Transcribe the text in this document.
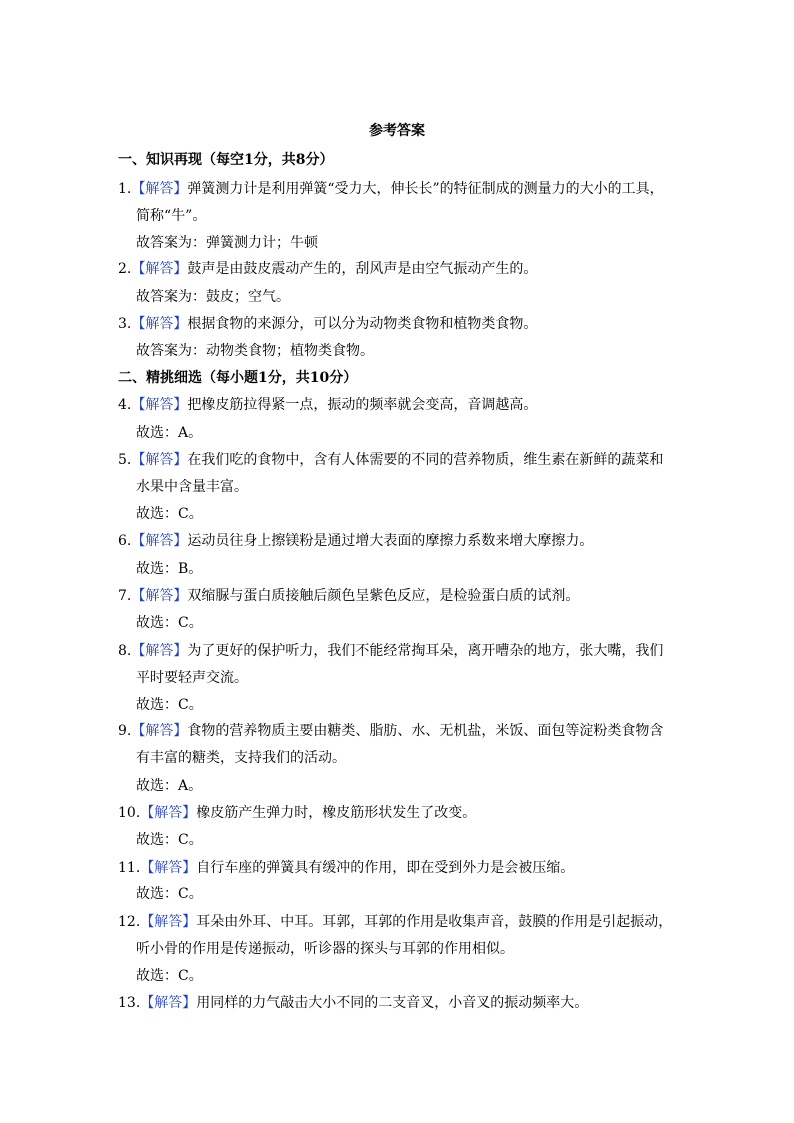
参考答案
一、知识再现（每空1分，共8分）
1.【解答】弹簧测力计是利用弹簧“受力大，伸长长”的特征制成的测量力的大小的工具，
简称“牛”。
故答案为：弹簧测力计；牛顿
2.【解答】鼓声是由鼓皮震动产生的，刮风声是由空气振动产生的。
故答案为：鼓皮；空气。
3.【解答】根据食物的来源分，可以分为动物类食物和植物类食物。
故答案为：动物类食物；植物类食物。
二、精挑细选（每小题1分，共10分）
4.【解答】把橡皮筋拉得紧一点，振动的频率就会变高，音调越高。
故选：A。
5.【解答】在我们吃的食物中，含有人体需要的不同的营养物质，维生素在新鲜的蔬菜和
水果中含量丰富。
故选：C。
6.【解答】运动员往身上擦镁粉是通过增大表面的摩擦力系数来增大摩擦力。
故选：B。
7.【解答】双缩脲与蛋白质接触后颜色呈紫色反应，是检验蛋白质的试剂。
故选：C。
8.【解答】为了更好的保护听力，我们不能经常掏耳朵，离开嘈杂的地方，张大嘴，我们
平时要轻声交流。
故选：C。
9.【解答】食物的营养物质主要由糖类、脂肪、水、无机盐，米饭、面包等淀粉类食物含
有丰富的糖类，支持我们的活动。
故选：A。
10.【解答】橡皮筋产生弹力时，橡皮筋形状发生了改变。
故选：C。
11.【解答】自行车座的弹簧具有缓冲的作用，即在受到外力是会被压缩。
故选：C。
12.【解答】耳朵由外耳、中耳。耳郭，耳郭的作用是收集声音，鼓膜的作用是引起振动，
听小骨的作用是传递振动，听诊器的探头与耳郭的作用相似。
故选：C。
13.【解答】用同样的力气敲击大小不同的二支音叉，小音叉的振动频率大。
